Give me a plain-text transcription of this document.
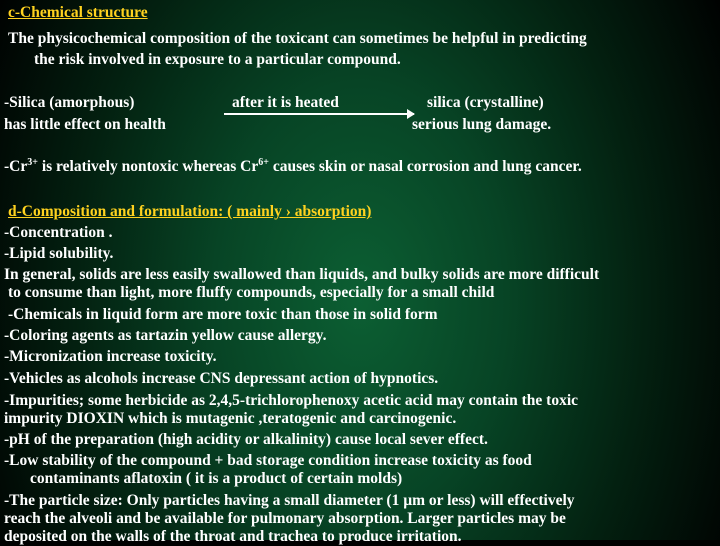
c-Chemical structure
The physicochemical composition of the toxicant can sometimes be helpful in predicting
the risk involved in exposure to a particular compound.
-Silica (amorphous)
has little effect on health
after it is heated	silica (crystalline)
serious lung damage.
$-Cr^{3+}$ is relatively nontoxic whereas $Cr^{6+}$ causes skin or nasal corrosion and lung cancer.
d-Composition and formulation: ( mainly › absorption)
-Concentration .
-Lipid solubility.
In general, solids are less easily swallowed than liquids, and bulky solids are more difficult
to consume than light, more fluffy compounds, especially for a small child
-Chemicals in liquid form are more toxic than those in solid form
-Coloring agents as tartazin yellow cause allergy.
-Micronization increase toxicity.
-Vehicles as alcohols increase CNS depressant action of hypnotics.
-Impurities; some herbicide as 2,4,5-trichlorophenoxy acetic acid may contain the toxic
impurity DIOXIN which is mutagenic ,teratogenic and carcinogenic.
-pH of the preparation (high acidity or alkalinity) cause local sever effect.
-Low stability of the compound + bad storage condition increase toxicity as food
contaminants aflatoxin ( it is a product of certain molds)
-The particle size: Only particles having a small diameter (1 µm or less) will effectively
reach the alveoli and be available for pulmonary absorption. Larger particles may be
deposited on the walls of the throat and trachea to produce irritation.
